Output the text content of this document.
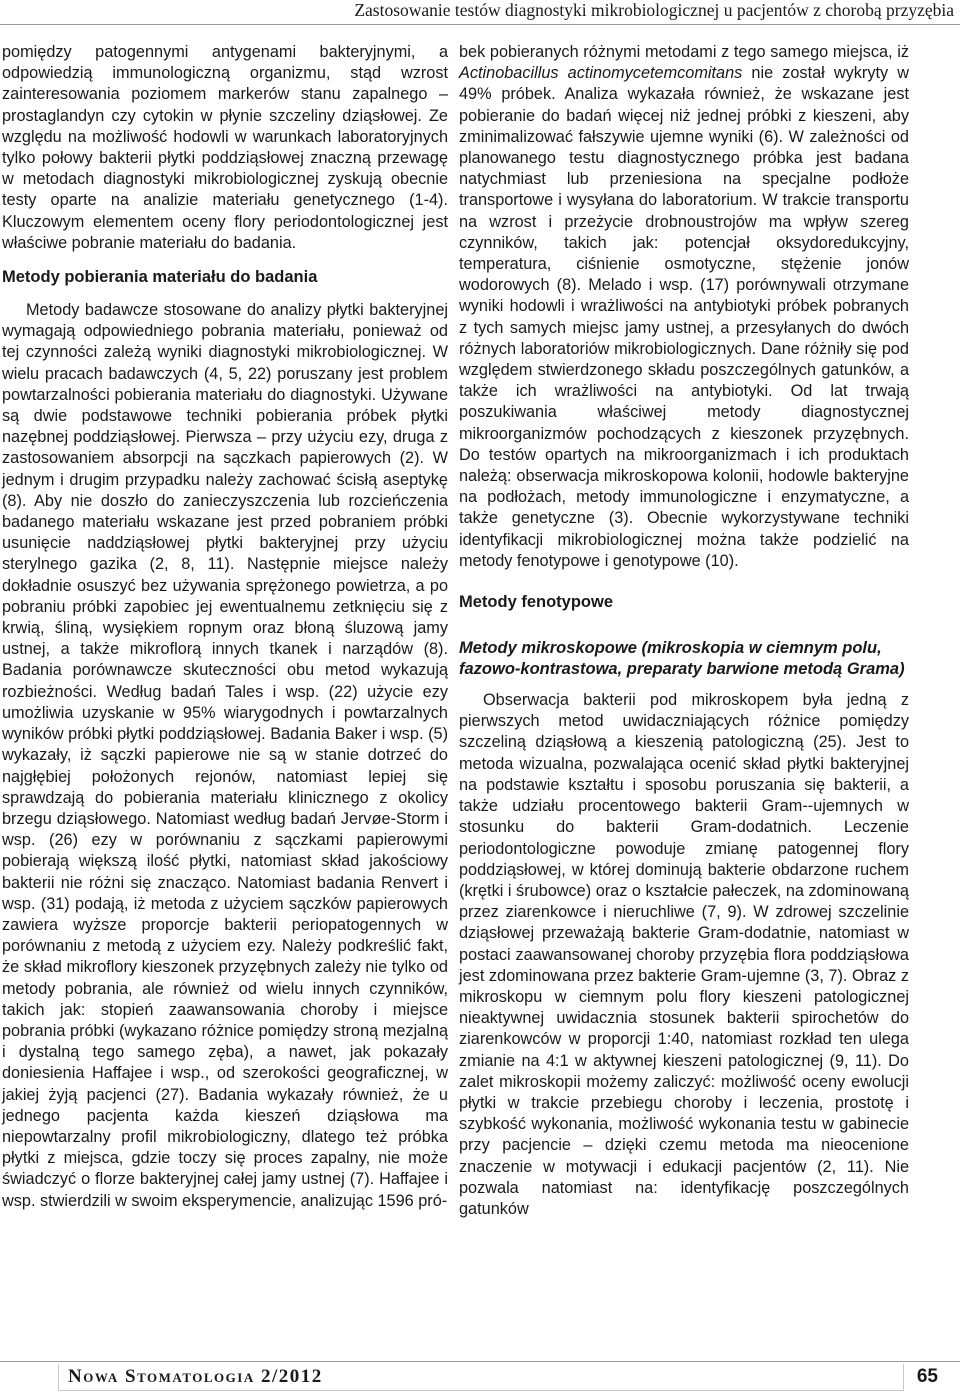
Zastosowanie testów diagnostyki mikrobiologicznej u pacjentów z chorobą przyzębia

pomiędzy patogennymi antygenami bakteryjnymi, a odpowiedzią immunologiczną organizmu, stąd wzrost zainteresowania poziomem markerów stanu zapalnego – prostaglandyn czy cytokin w płynie szczeliny dziąsłowej. Ze względu na możliwość hodowli w warunkach laboratoryjnych tylko połowy bakterii płytki poddziąsłowej znaczną przewagę w metodach diagnostyki mikrobiologicznej zyskują obecnie testy oparte na analizie materiału genetycznego (1-4). Kluczowym elementem oceny flory periodontologicznej jest właściwe pobranie materiału do badania.

Metody pobierania materiału do badania

Metody badawcze stosowane do analizy płytki bakteryjnej wymagają odpowiedniego pobrania materiału, ponieważ od tej czynności zależą wyniki diagnostyki mikrobiologicznej. W wielu pracach badawczych (4, 5, 22) poruszany jest problem powtarzalności pobierania materiału do diagnostyki. Używane są dwie podstawowe techniki pobierania próbek płytki nazębnej poddziąsłowej. Pierwsza – przy użyciu ezy, druga z zastosowaniem absorpcji na sączkach papierowych (2). W jednym i drugim przypadku należy zachować ścisłą aseptykę (8). Aby nie doszło do zanieczyszczenia lub rozcieńczenia badanego materiału wskazane jest przed pobraniem próbki usunięcie naddziąsłowej płytki bakteryjnej przy użyciu sterylnego gazika (2, 8, 11). Następnie miejsce należy dokładnie osuszyć bez używania sprężonego powietrza, a po pobraniu próbki zapobiec jej ewentualnemu zetknięciu się z krwią, śliną, wysiękiem ropnym oraz błoną śluzową jamy ustnej, a także mikroflorą innych tkanek i narządów (8). Badania porównawcze skuteczności obu metod wykazują rozbieżności. Według badań Tales i wsp. (22) użycie ezy umożliwia uzyskanie w 95% wiarygodnych i powtarzalnych wyników próbki płytki poddziąsłowej. Badania Baker i wsp. (5) wykazały, iż sączki papierowe nie są w stanie dotrzeć do najgłębiej położonych rejonów, natomiast lepiej się sprawdzają do pobierania materiału klinicznego z okolicy brzegu dziąsłowego. Natomiast według badań Jervøe-Storm i wsp. (26) ezy w porównaniu z sączkami papierowymi pobierają większą ilość płytki, natomiast skład jakościowy bakterii nie różni się znacząco. Natomiast badania Renvert i wsp. (31) podają, iż metoda z użyciem sączków papierowych zawiera wyższe proporcje bakterii periopatogennych w porównaniu z metodą z użyciem ezy. Należy podkreślić fakt, że skład mikroflory kieszonek przyzębnych zależy nie tylko od metody pobrania, ale również od wielu innych czynników, takich jak: stopień zaawansowania choroby i miejsce pobrania próbki (wykazano różnice pomiędzy stroną mezjalną i dystalną tego samego zęba), a nawet, jak pokazały doniesienia Haffajee i wsp., od szerokości geograficznej, w jakiej żyją pacjenci (27). Badania wykazały również, że u jednego pacjenta każda kieszeń dziąsłowa ma niepowtarzalny profil mikrobiologiczny, dlatego też próbka płytki z miejsca, gdzie toczy się proces zapalny, nie może świadczyć o florze bakteryjnej całej jamy ustnej (7). Haffajee i wsp. stwierdzili w swoim eksperymencie, analizując 1596 pró-

bek pobieranych różnymi metodami z tego samego miejsca, iż Actinobacillus actinomycetemcomitans nie został wykryty w 49% próbek. Analiza wykazała również, że wskazane jest pobieranie do badań więcej niż jednej próbki z kieszeni, aby zminimalizować fałszywie ujemne wyniki (6). W zależności od planowanego testu diagnostycznego próbka jest badana natychmiast lub przeniesiona na specjalne podłoże transportowe i wysyłana do laboratorium. W trakcie transportu na wzrost i przeżycie drobnoustrojów ma wpływ szereg czynników, takich jak: potencjał oksydoredukcyjny, temperatura, ciśnienie osmotyczne, stężenie jonów wodorowych (8). Melado i wsp. (17) porównywali otrzymane wyniki hodowli i wrażliwości na antybiotyki próbek pobranych z tych samych miejsc jamy ustnej, a przesyłanych do dwóch różnych laboratoriów mikrobiologicznych. Dane różniły się pod względem stwierdzonego składu poszczególnych gatunków, a także ich wrażliwości na antybiotyki. Od lat trwają poszukiwania właściwej metody diagnostycznej mikroorganizmów pochodzących z kieszonek przyzębnych. Do testów opartych na mikroorganizmach i ich produktach należą: obserwacja mikroskopowa kolonii, hodowle bakteryjne na podłożach, metody immunologiczne i enzymatyczne, a także genetyczne (3). Obecnie wykorzystywane techniki identyfikacji mikrobiologicznej można także podzielić na metody fenotypowe i genotypowe (10).

Metody fenotypowe
Metody mikroskopowe (mikroskopia w ciemnym polu, fazowo-kontrastowa, preparaty barwione metodą Grama)

Obserwacja bakterii pod mikroskopem była jedną z pierwszych metod uwidaczniających różnice pomiędzy szczeliną dziąsłową a kieszenią patologiczną (25). Jest to metoda wizualna, pozwalająca ocenić skład płytki bakteryjnej na podstawie kształtu i sposobu poruszania się bakterii, a także udziału procentowego bakterii Gram--ujemnych w stosunku do bakterii Gram-dodatnich. Leczenie periodontologiczne powoduje zmianę patogennej flory poddziąsłowej, w której dominują bakterie obdarzone ruchem (krętki i śrubowce) oraz o kształcie pałeczek, na zdominowaną przez ziarenkowce i nieruchliwe (7, 9). W zdrowej szczelinie dziąsłowej przeważają bakterie Gram-dodatnie, natomiast w postaci zaawansowanej choroby przyzębia flora poddziąsłowa jest zdominowana przez bakterie Gram-ujemne (3, 7). Obraz z mikroskopu w ciemnym polu flory kieszeni patologicznej nieaktywnej uwidacznia stosunek bakterii spirochetów do ziarenkowców w proporcji 1:40, natomiast rozkład ten ulega zmianie na 4:1 w aktywnej kieszeni patologicznej (9, 11). Do zalet mikroskopii możemy zaliczyć: możliwość oceny ewolucji płytki w trakcie przebiegu choroby i leczenia, prostotę i szybkość wykonania, możliwość wykonania testu w gabinecie przy pacjencie – dzięki czemu metoda ma nieocenione znaczenie w motywacji i edukacji pacjentów (2, 11). Nie pozwala natomiast na: identyfikację poszczególnych gatunków

Nowa Stomatologia 2/2012	65
